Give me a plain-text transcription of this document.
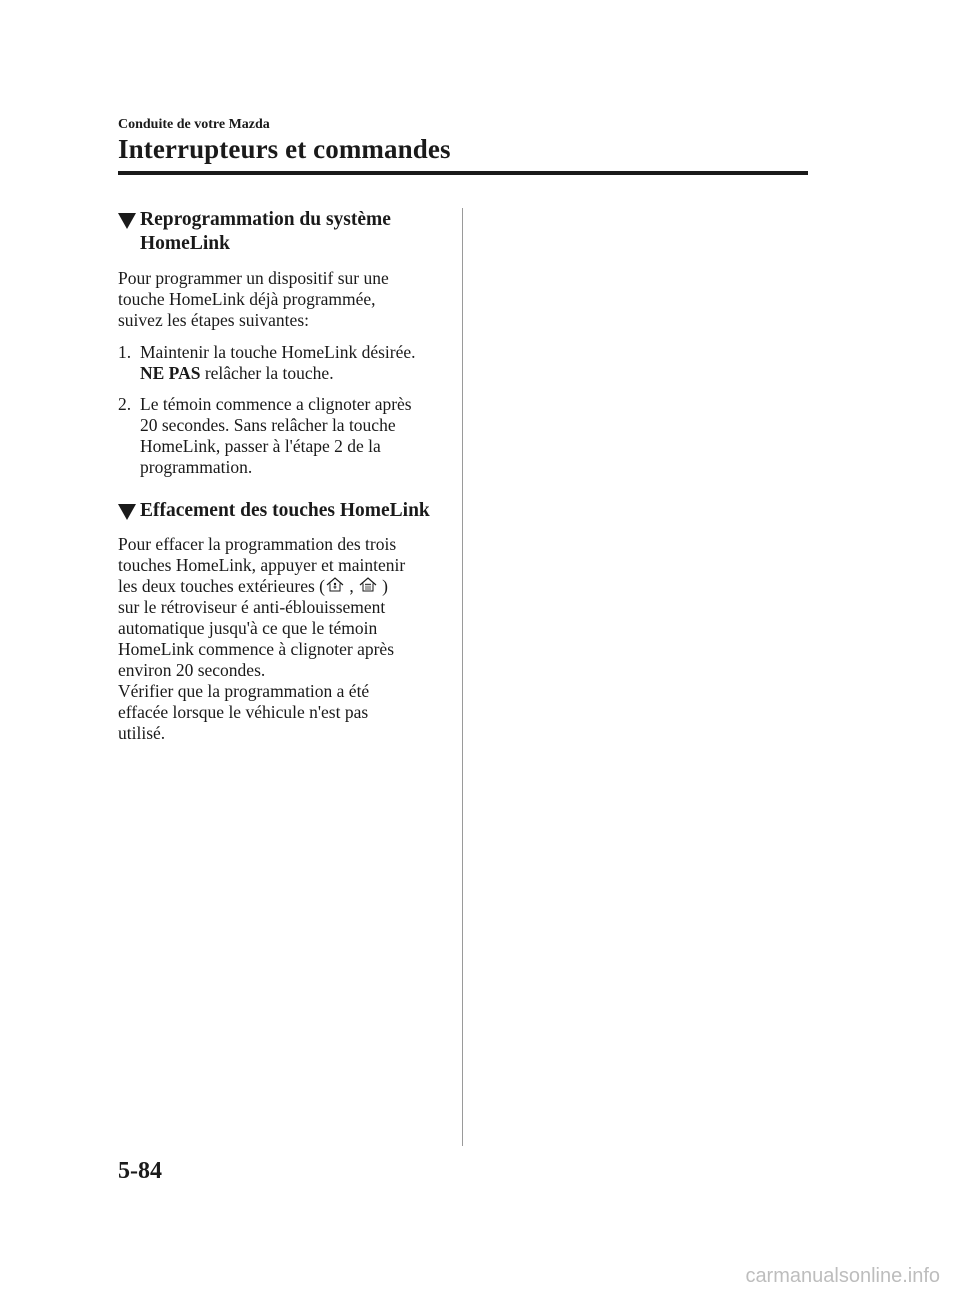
Conduite de votre Mazda
Interrupteurs et commandes
Reprogrammation du système
HomeLink
Pour programmer un dispositif sur une
touche HomeLink déjà programmée,
suivez les étapes suivantes:
1. Maintenir la touche HomeLink désirée.
NE PAS relâcher la touche.
2. Le témoin commence a clignoter après
20 secondes. Sans relâcher la touche
HomeLink, passer à l'étape 2 de la
programmation.
Effacement des touches HomeLink
Pour effacer la programmation des trois
touches HomeLink, appuyer et maintenir
les deux touches extérieures ( , )
sur le rétroviseur é anti-éblouissement
automatique jusqu'à ce que le témoin
HomeLink commence à clignoter après
environ 20 secondes.
Vérifier que la programmation a été
effacée lorsque le véhicule n'est pas
utilisé.
5-84
carmanualsonline.info
